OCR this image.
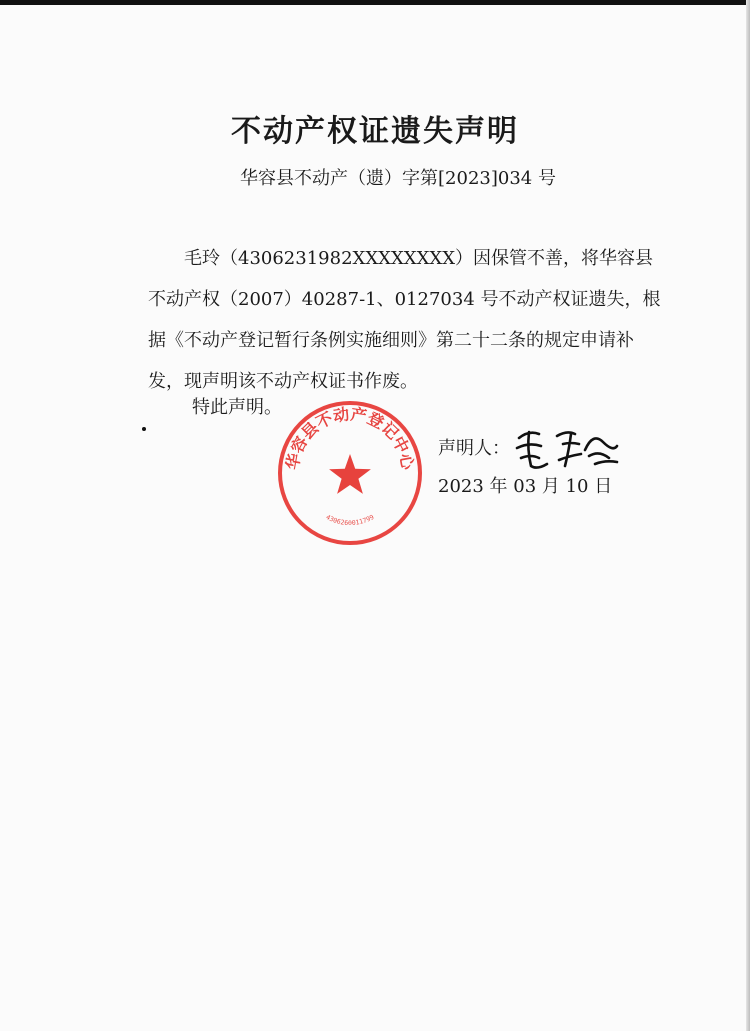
不动产权证遗失声明
华容县不动产（遗）字第[2023]034 号

毛玲（4306231982XXXXXXXX）因保管不善，将华容县不动产权（2007）40287-1、0127034 号不动产权证遗失，根据《不动产登记暂行条例实施细则》第二十二条的规定申请补发，现声明该不动产权证书作废。

特此声明。
声明人：
2023 年 03 月 10 日
华容县不动产登记中心
4306260011799
